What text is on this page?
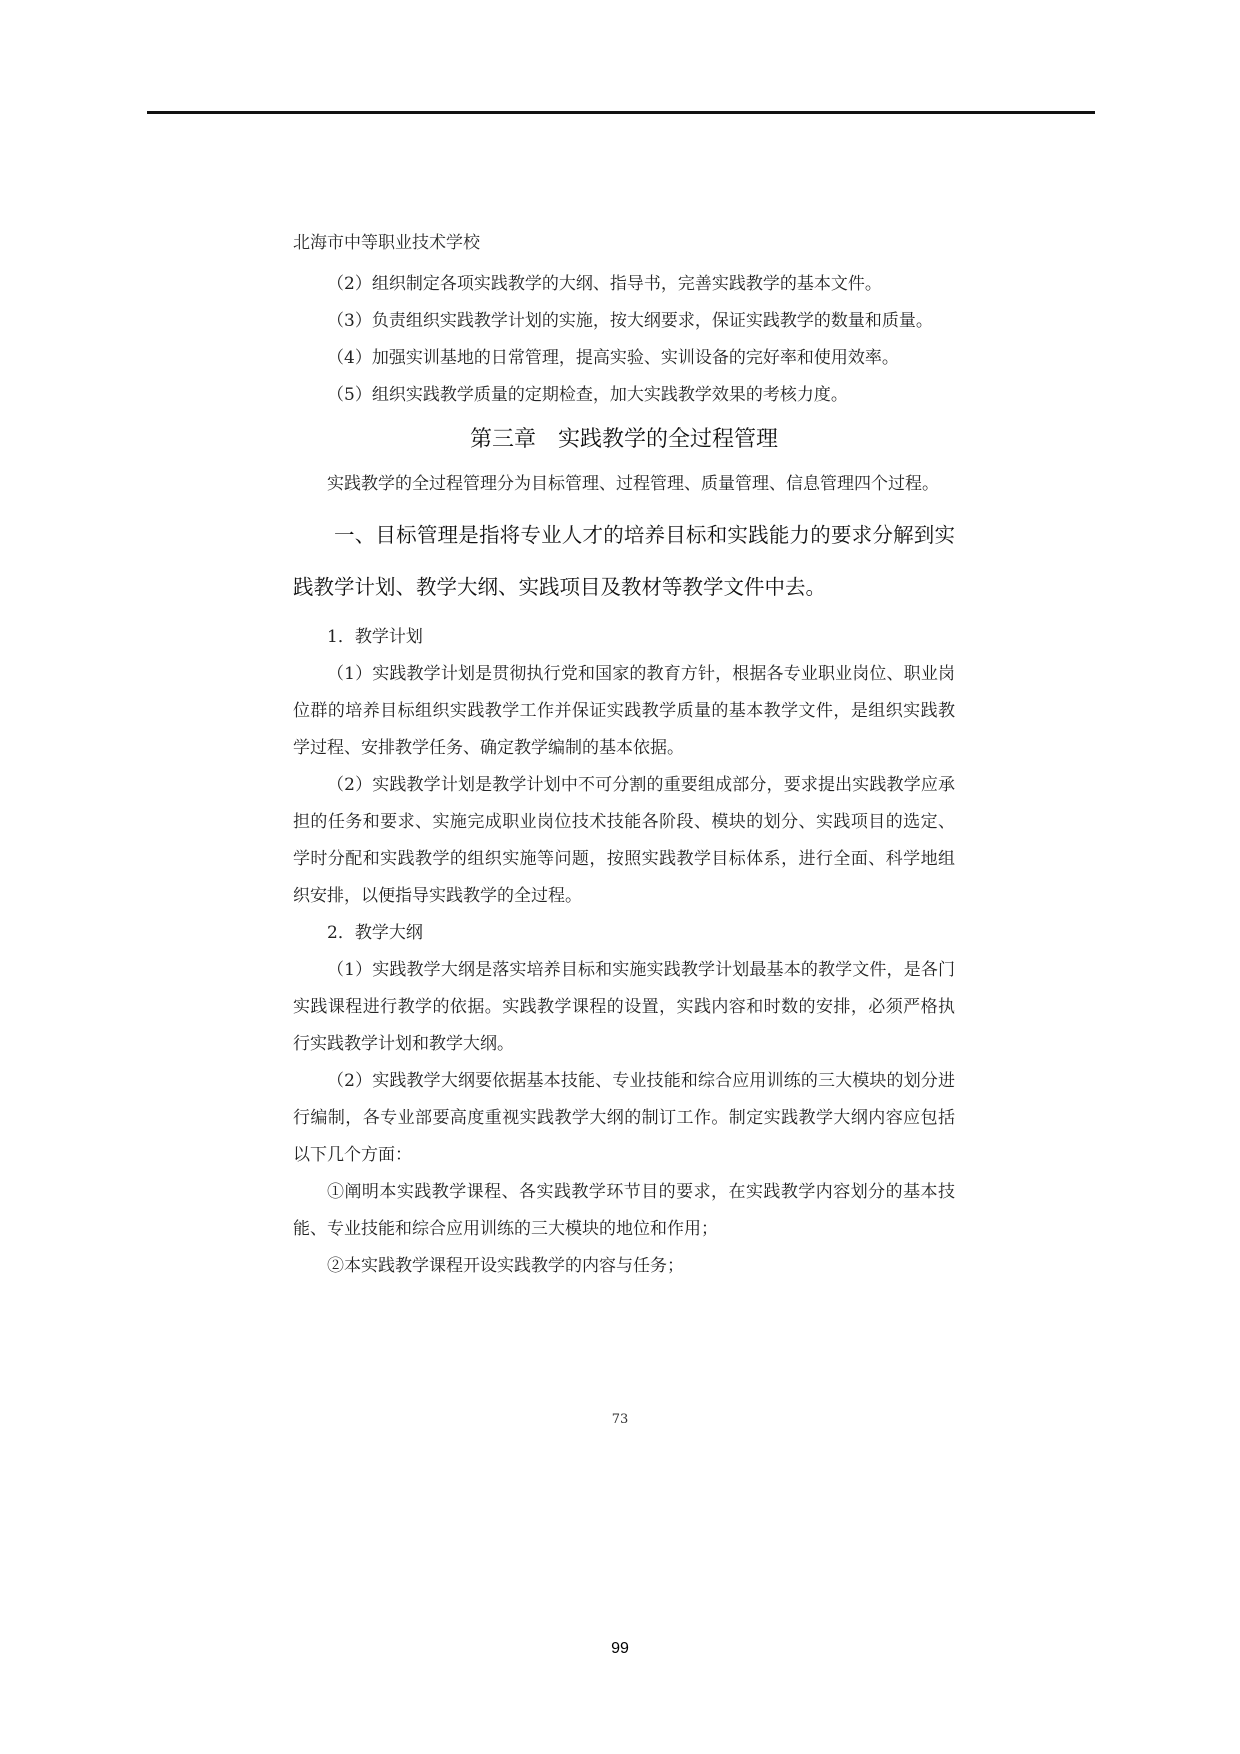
北海市中等职业技术学校

（2）组织制定各项实践教学的大纲、指导书，完善实践教学的基本文件。

（3）负责组织实践教学计划的实施，按大纲要求，保证实践教学的数量和质量。

（4）加强实训基地的日常管理，提高实验、实训设备的完好率和使用效率。

（5）组织实践教学质量的定期检查，加大实践教学效果的考核力度。

第三章 实践教学的全过程管理

实践教学的全过程管理分为目标管理、过程管理、质量管理、信息管理四个过程。

一、目标管理是指将专业人才的培养目标和实践能力的要求分解到实践教学计划、教学大纲、实践项目及教材等教学文件中去。

1．教学计划

（1）实践教学计划是贯彻执行党和国家的教育方针，根据各专业职业岗位、职业岗位群的培养目标组织实践教学工作并保证实践教学质量的基本教学文件，是组织实践教学过程、安排教学任务、确定教学编制的基本依据。

（2）实践教学计划是教学计划中不可分割的重要组成部分，要求提出实践教学应承担的任务和要求、实施完成职业岗位技术技能各阶段、模块的划分、实践项目的选定、学时分配和实践教学的组织实施等问题，按照实践教学目标体系，进行全面、科学地组织安排，以便指导实践教学的全过程。

2．教学大纲

（1）实践教学大纲是落实培养目标和实施实践教学计划最基本的教学文件，是各门实践课程进行教学的依据。实践教学课程的设置，实践内容和时数的安排，必须严格执行实践教学计划和教学大纲。

（2）实践教学大纲要依据基本技能、专业技能和综合应用训练的三大模块的划分进行编制，各专业部要高度重视实践教学大纲的制订工作。制定实践教学大纲内容应包括以下几个方面：

①阐明本实践教学课程、各实践教学环节目的要求，在实践教学内容划分的基本技能、专业技能和综合应用训练的三大模块的地位和作用；

②本实践教学课程开设实践教学的内容与任务；

73
99
